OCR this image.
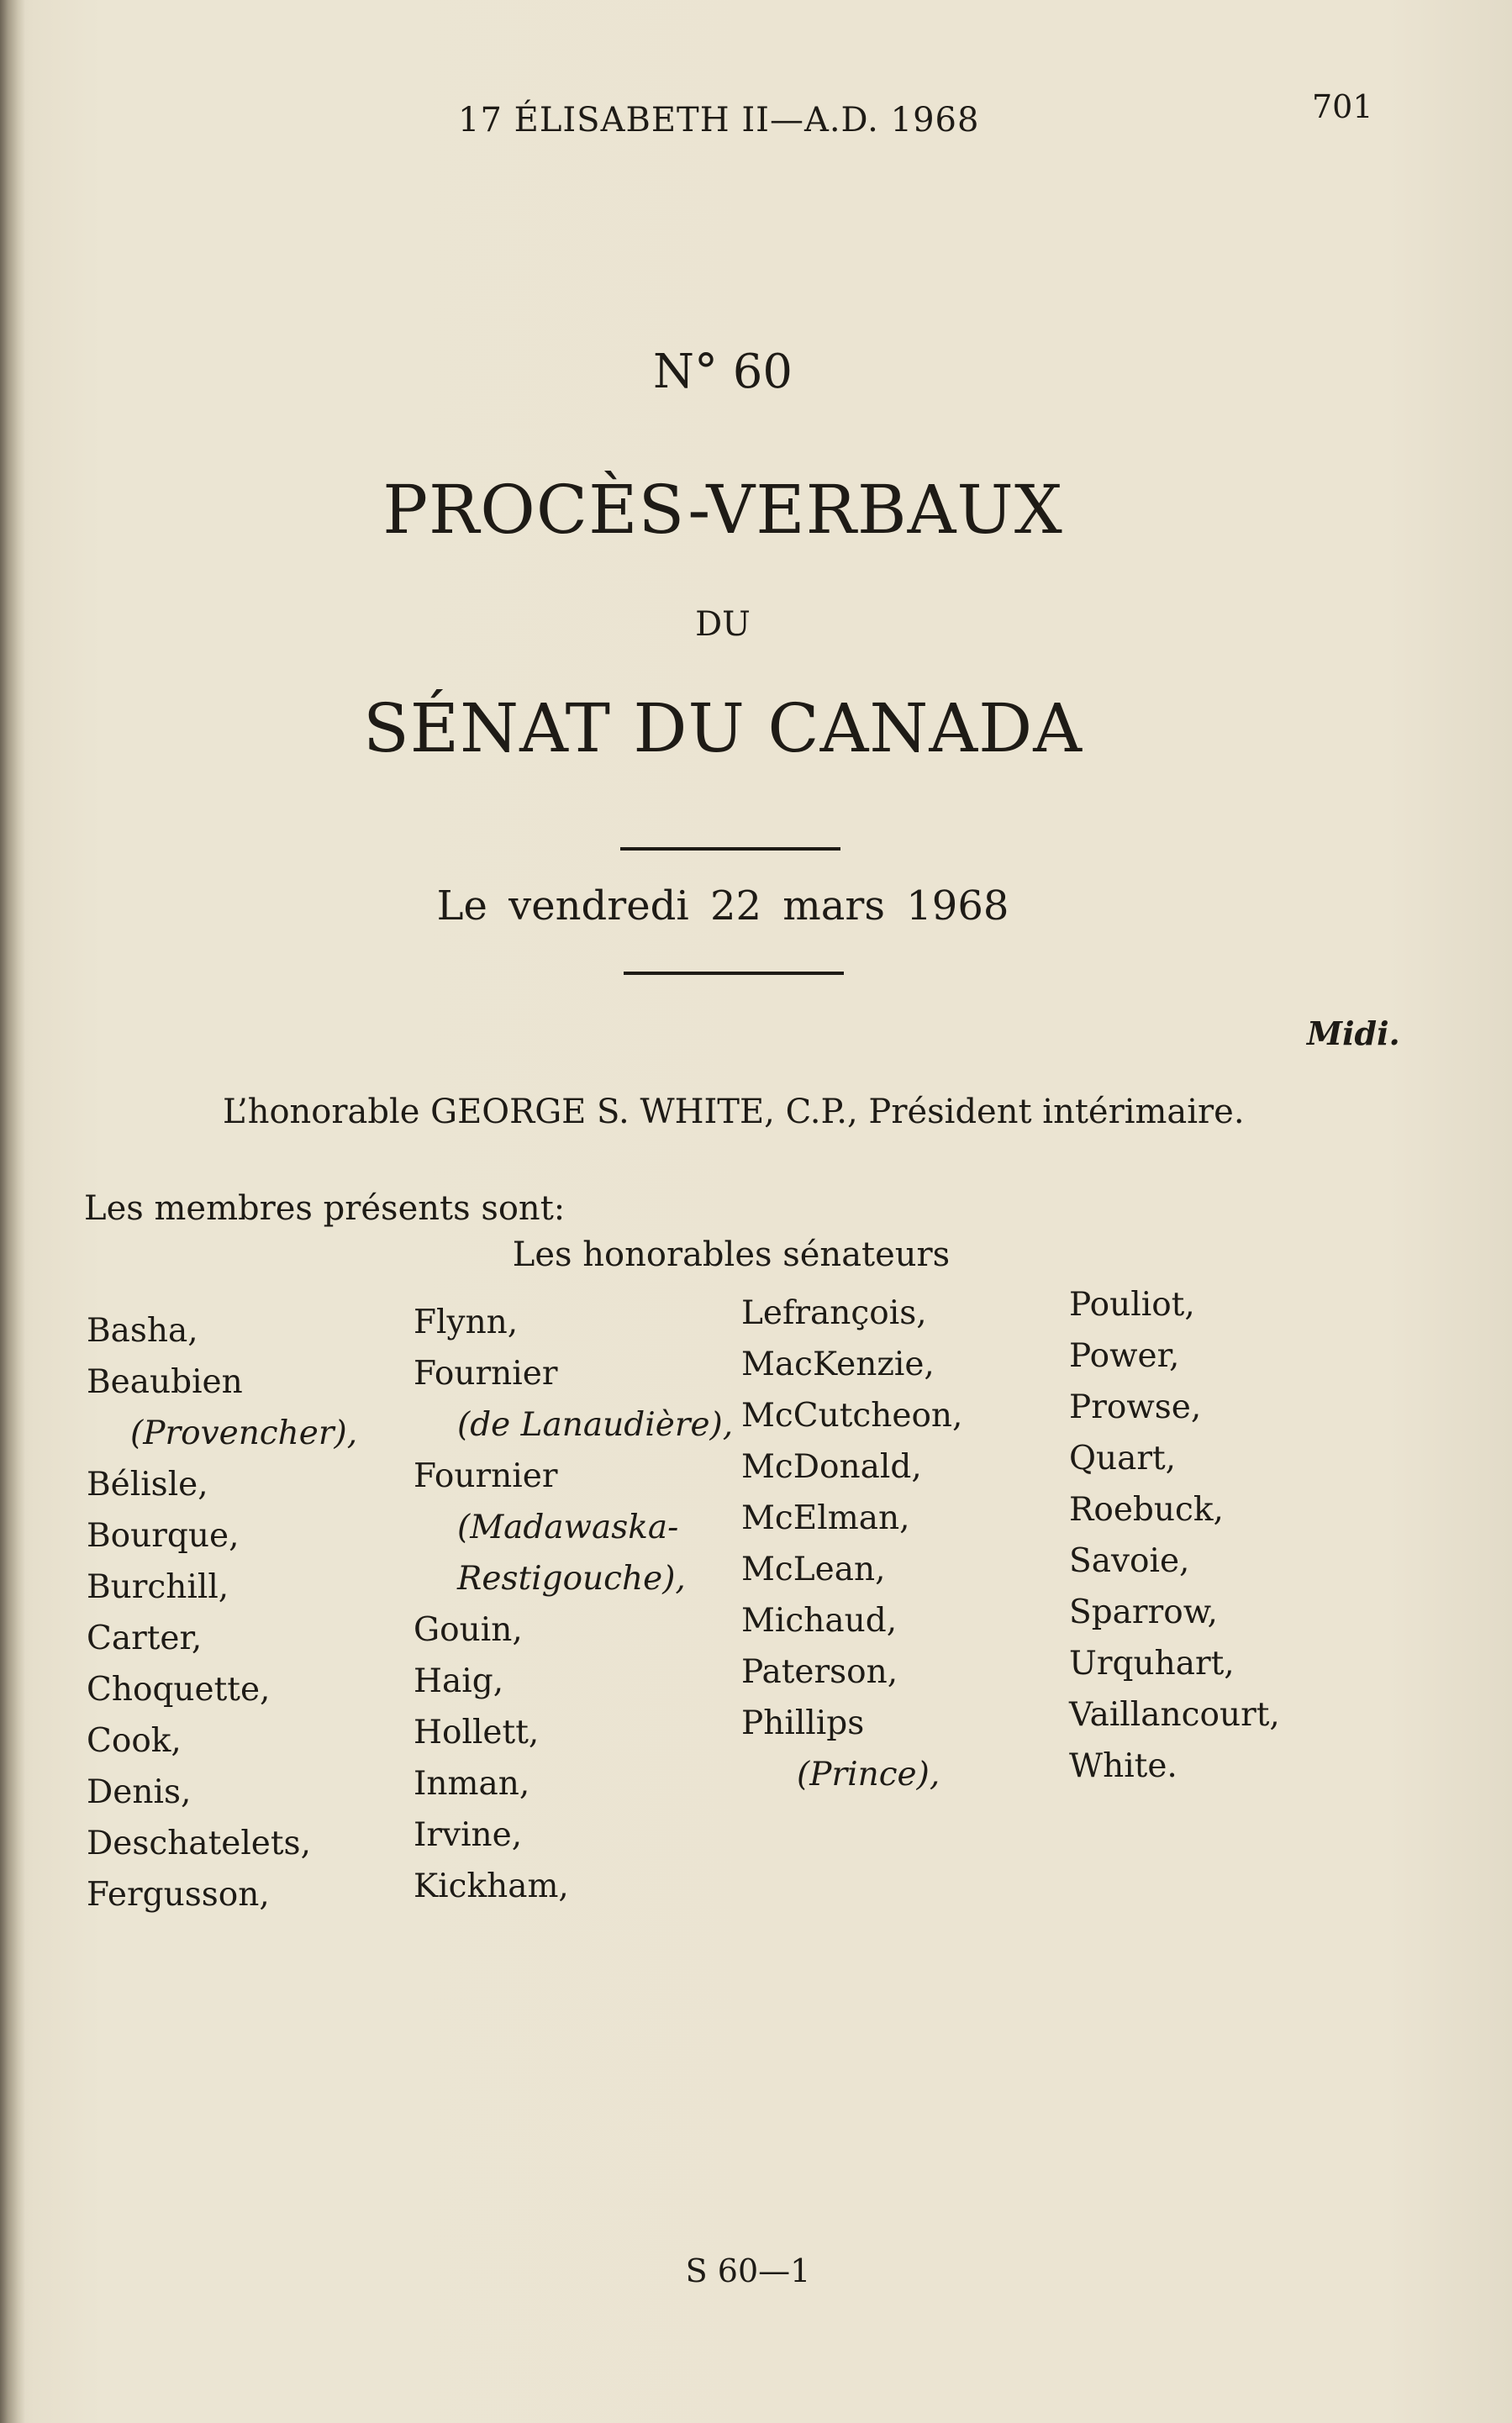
17 ÉLISABETH II—A.D. 1968	701
N° 60
PROCÈS-VERBAUX
DU
SÉNAT DU CANADA
Le vendredi 22 mars 1968
Midi.
L’honorable GEORGE S. WHITE, C.P., Président intérimaire.
Les membres présents sont:
Les honorables sénateurs
Basha,
Beaubien
(Provencher),
Bélisle,
Bourque,
Burchill,
Carter,
Choquette,
Cook,
Denis,
Deschatelets,
Fergusson,
Flynn,
Fournier
(de Lanaudière),
Fournier
(Madawaska-
Restigouche),
Gouin,
Haig,
Hollett,
Inman,
Irvine,
Kickham,
Lefrançois,
MacKenzie,
McCutcheon,
McDonald,
McElman,
McLean,
Michaud,
Paterson,
Phillips
(Prince),
Pouliot,
Power,
Prowse,
Quart,
Roebuck,
Savoie,
Sparrow,
Urquhart,
Vaillancourt,
White.
S 60—1
